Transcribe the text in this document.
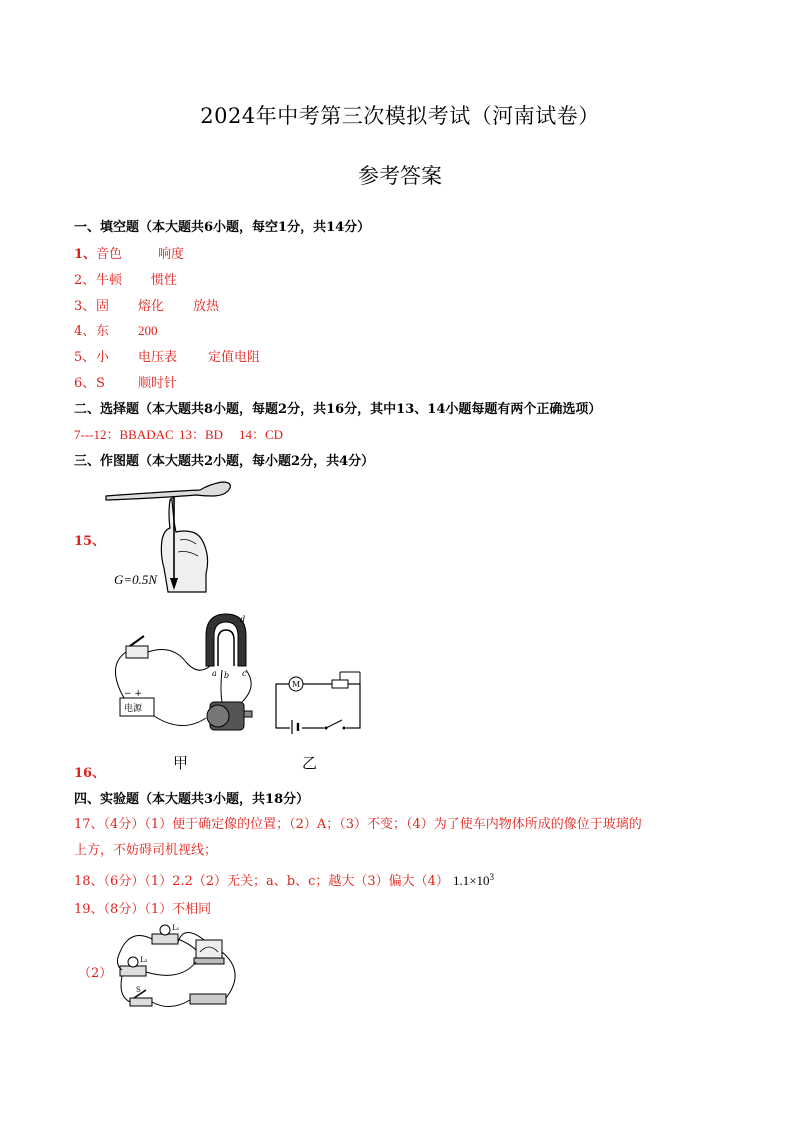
2024年中考第三次模拟考试（河南试卷）
参考答案
一、填空题（本大题共6小题，每空1分，共14分）
1、音色	响度
2、牛顿 惯性
3、固 熔化 放热
4、东 200
5、小 电压表 定值电阻
6、S	顺时针
二、选择题（本大题共8小题，每题2分，共16分，其中13、14小题每题有两个正确选项）
7---12：BBADAC 13：BD 14：CD
三、作图题（本大题共2小题，每小题2分，共4分）
15、
G=0.5N
d
a b c
电源
− +
甲
M
乙
16、
四、实验题（本大题共3小题，共18分）
17、（4分）（1）便于确定像的位置；（2）A；（3）不变；（4）为了使车内物体所成的像位于玻璃的
上方，不妨碍司机视线；
18、（6分）（1）2.2（2）无关；a、b、c；越大（3）偏大（4） $1.1\times 10^3$
19、（8分）（1）不相同
（2）
L₁
L₂
S
